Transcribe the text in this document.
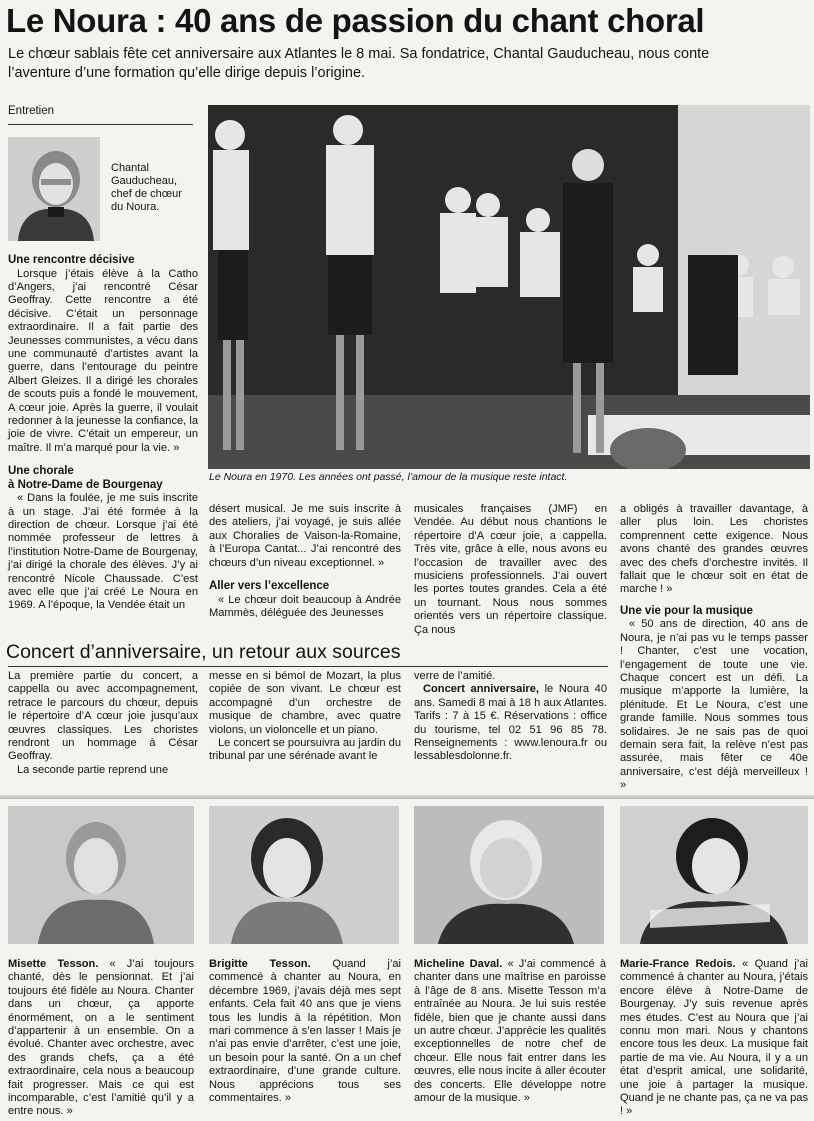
Le Noura : 40 ans de passion du chant choral
Le chœur sablais fête cet anniversaire aux Atlantes le 8 mai. Sa fondatrice, Chantal Gauducheau, nous conte l’aventure d’une formation qu’elle dirige depuis l’origine.
Entretien
Chantal Gauducheau, chef de chœur du Noura.
Le Noura en 1970. Les années ont passé, l’amour de la musique reste intact.
Une rencontre décisive

Lorsque j’étais élève à la Catho d’Angers, j’ai rencontré César Geoffray. Cette rencontre a été décisive. C’était un personnage extraordinaire. Il a fait partie des Jeunesses communistes, a vécu dans une communauté d’artistes avant la guerre, dans l’entourage du peintre Albert Gleizes. Il a dirigé les chorales de scouts puis a fondé le mouvement, A cœur joie. Après la guerre, il voulait redonner à la jeunesse la confiance, la joie de vivre. C’était un empereur, un maître. Il m’a marqué pour la vie. »

Une chorale
à Notre-Dame de Bourgenay

« Dans la foulée, je me suis inscrite à un stage. J’ai été formée à la direction de chœur. Lorsque j’ai été nommée professeur de lettres à l’institution Notre-Dame de Bourgenay, j’ai dirigé la chorale des élèves. J’y ai rencontré Nicole Chaussade. C’est avec elle que j’ai créé Le Noura en 1969. A l’époque, la Vendée était un

désert musical. Je me suis inscrite à des ateliers, j’ai voyagé, je suis allée aux Choralies de Vaison-la-Romaine, à l’Europa Cantat... J’ai rencontré des chœurs d’un niveau exceptionnel. »

Aller vers l’excellence

« Le chœur doit beaucoup à Andrée Mammès, déléguée des Jeunesses

musicales françaises (JMF) en Vendée. Au début nous chantions le répertoire d’A cœur joie, a cappella. Très vite, grâce à elle, nous avons eu l’occasion de travailler avec des musiciens professionnels. J’ai ouvert les portes toutes grandes. Cela a été un tournant. Nous nous sommes orientés vers un répertoire classique. Ça nous

a obligés à travailler davantage, à aller plus loin. Les choristes comprennent cette exigence. Nous avons chanté des grandes œuvres avec des chefs d’orchestre invités. Il fallait que le chœur soit en état de marche ! »

Une vie pour la musique

« 50 ans de direction, 40 ans de Noura, je n’ai pas vu le temps passer ! Chanter, c’est une vocation, l’engagement de toute une vie. Chaque concert est un défi. La musique m’apporte la lumière, la plénitude. Et Le Noura, c’est une grande famille. Nous sommes tous solidaires. Je ne sais pas de quoi demain sera fait, la relève n’est pas assurée, mais fêter ce 40e anniversaire, c’est déjà merveilleux ! »

Concert d’anniversaire, un retour aux sources

La première partie du concert, a cappella ou avec accompagnement, retrace le parcours du chœur, depuis le répertoire d’A cœur joie jusqu’aux œuvres classiques. Les choristes rendront un hommage à César Geoffray.

La seconde partie reprend une

messe en si bémol de Mozart, la plus copiée de son vivant. Le chœur est accompagné d’un orchestre de musique de chambre, avec quatre violons, un violoncelle et un piano.

Le concert se poursuivra au jardin du tribunal par une sérénade avant le

verre de l’amitié.

Concert anniversaire, le Noura 40 ans. Samedi 8 mai à 18 h aux Atlantes. Tarifs : 7 à 15 €. Réservations : office du tourisme, tel 02 51 96 85 78. Renseignements : www.lenoura.fr ou lessablesdolonne.fr.

Misette Tesson. « J’ai toujours chanté, dès le pensionnat. Et j’ai toujours été fidèle au Noura. Chanter dans un chœur, ça apporte énormément, on a le sentiment d’appartenir à un ensemble. On a évolué. Chanter avec orchestre, avec des grands chefs, ça a été extraordinaire, cela nous a beaucoup fait progresser. Mais ce qui est incomparable, c’est l’amitié qu’il y a entre nous. »
Brigitte Tesson. Quand j’ai commencé à chanter au Noura, en décembre 1969, j’avais déjà mes sept enfants. Cela fait 40 ans que je viens tous les lundis à la répétition. Mon mari commence à s’en lasser ! Mais je n’ai pas envie d’arrêter, c’est une joie, un besoin pour la santé. On a un chef extraordinaire, d’une grande culture. Nous apprécions tous ses commentaires. »
Micheline Daval. « J’ai commencé à chanter dans une maîtrise en paroisse à l’âge de 8 ans. Misette Tesson m’a entraînée au Noura. Je lui suis restée fidèle, bien que je chante aussi dans un autre chœur. J’apprécie les qualités exceptionnelles de notre chef de chœur. Elle nous fait entrer dans les œuvres, elle nous incite à aller écouter des concerts. Elle développe notre amour de la musique. »
Marie-France Redois. « Quand j’ai commencé à chanter au Noura, j’étais encore élève à Notre-Dame de Bourgenay. J’y suis revenue après mes études. C’est au Noura que j’ai connu mon mari. Nous y chantons encore tous les deux. La musique fait partie de ma vie. Au Noura, il y a un état d’esprit amical, une solidarité, une joie à partager la musique. Quand je ne chante pas, ça ne va pas ! »
